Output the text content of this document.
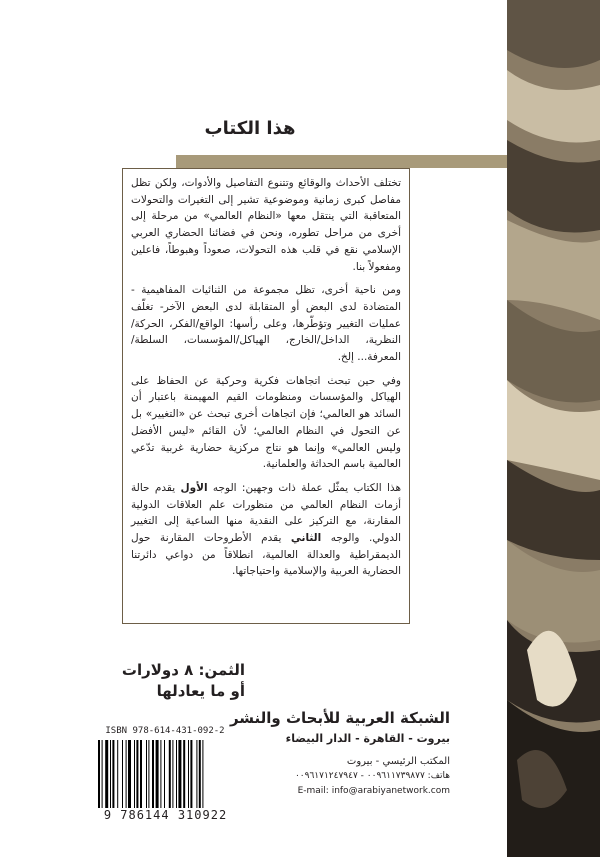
هذا الكتاب

تختلف الأحداث والوقائع وتتنوع التفاصيل والأدوات، ولكن تظل مفاصل كبرى زمانية وموضوعية تشير إلى التغيرات والتحولات المتعاقبة التي ينتقل معها «النظام العالمي» من مرحلة إلى أخرى من مراحل تطوره، ونحن في فضائنا الحضاري العربي الإسلامي نقع في قلب هذه التحولات، صعوداً وهبوطاً، فاعلين ومفعولاً بنا.

ومن ناحية أخرى، تظل مجموعة من الثنائيات المفاهيمية - المتضادة لدى البعض أو المتقابلة لدى البعض الآخر- تغلّف عمليات التغيير وتؤطّرها، وعلى رأسها: الواقع/الفكر، الحركة/النظرية، الداخل/الخارج، الهياكل/المؤسسات، السلطة/المعرفة... إلخ.

وفي حين تبحث اتجاهات فكرية وحركية عن الحفاظ على الهياكل والمؤسسات ومنظومات القيم المهيمنة باعتبار أن السائد هو العالمي؛ فإن اتجاهات أخرى تبحث عن «التغيير» بل عن التحول في النظام العالمي؛ لأن القائم «ليس الأفضل وليس العالمي» وإنما هو نتاج مركزية حضارية غربية تدّعي العالمية باسم الحداثة والعلمانية.

هذا الكتاب يمثّل عملة ذات وجهين: الوجه الأول يقدم حالة أزمات النظام العالمي من منظورات علم العلاقات الدولية المقارنة، مع التركيز على النقدية منها الساعية إلى التغيير الدولي. والوجه الثاني يقدم الأطروحات المقارنة حول الديمقراطية والعدالة العالمية، انطلاقاً من دواعي دائرتنا الحضارية العربية والإسلامية واحتياجاتها.

الثمن: ٨ دولارات
أو ما يعادلها
الشبكة العربية للأبحاث والنشر
بيروت - القاهرة - الدار البيضاء
المكتب الرئيسي - بيروت
هاتف: ٠٠٩٦١١٧٣٩٨٧٧ - ٠٠٩٦١٧١٢٤٧٩٤٧
E-mail: info@arabiyanetwork.com
ISBN 978-614-431-092-2
9 786144 310922
